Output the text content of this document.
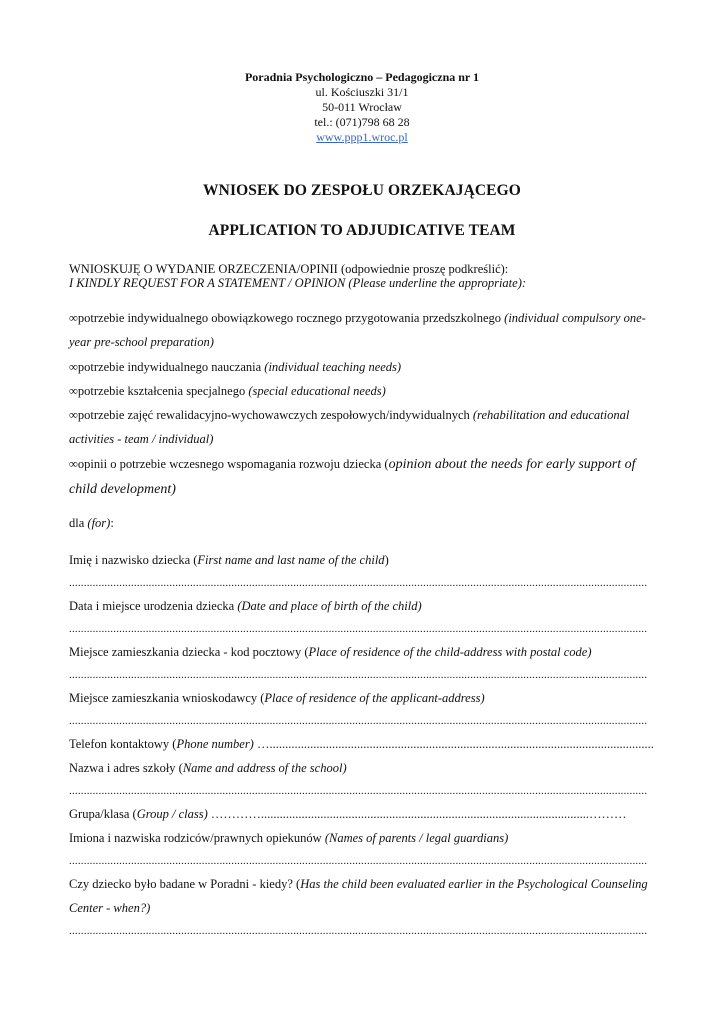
Poradnia Psychologiczno – Pedagogiczna nr 1
ul. Kościuszki 31/1
50-011 Wrocław
tel.: (071)798 68 28
www.ppp1.wroc.pl
WNIOSEK DO ZESPOŁU ORZEKAJĄCEGO
APPLICATION TO ADJUDICATIVE TEAM
WNIOSKUJĘ O WYDANIE ORZECZENIA/OPINII (odpowiednie proszę podkreślić):
I KINDLY REQUEST FOR A STATEMENT / OPINION (Please underline the appropriate):
∞potrzebie indywidualnego obowiązkowego rocznego przygotowania przedszkolnego (individual compulsory one-year pre-school preparation)
∞potrzebie indywidualnego nauczania (individual teaching needs)
∞potrzebie kształcenia specjalnego (special educational needs)
∞potrzebie zajęć rewalidacyjno-wychowawczych zespołowych/indywidualnych (rehabilitation and educational activities - team / individual)
∞opinii o potrzebie wczesnego wspomagania rozwoju dziecka (opinion about the needs for early support of child development)
dla (for):
Imię i nazwisko dziecka (First name and last name of the child)
....................................................................................................................................................................................................
Data i miejsce urodzenia dziecka (Date and place of birth of the child)
....................................................................................................................................................................................................
Miejsce zamieszkania dziecka - kod pocztowy (Place of residence of the child-address with postal code)
....................................................................................................................................................................................................
Miejsce zamieszkania wnioskodawcy (Place of residence of the applicant-address)
....................................................................................................................................................................................................
Telefon kontaktowy (Phone number) …...........................................................................................................................
Nazwa i adres szkoły (Name and address of the school)
....................................................................................................................................................................................................
Grupa/klasa (Group / class) ………….........................................................................................................………
Imiona i nazwiska rodziców/prawnych opiekunów (Names of parents / legal guardians)
....................................................................................................................................................................................................
Czy dziecko było badane w Poradni - kiedy? (Has the child been evaluated earlier in the Psychological Counseling Center - when?)
....................................................................................................................................................................................................
